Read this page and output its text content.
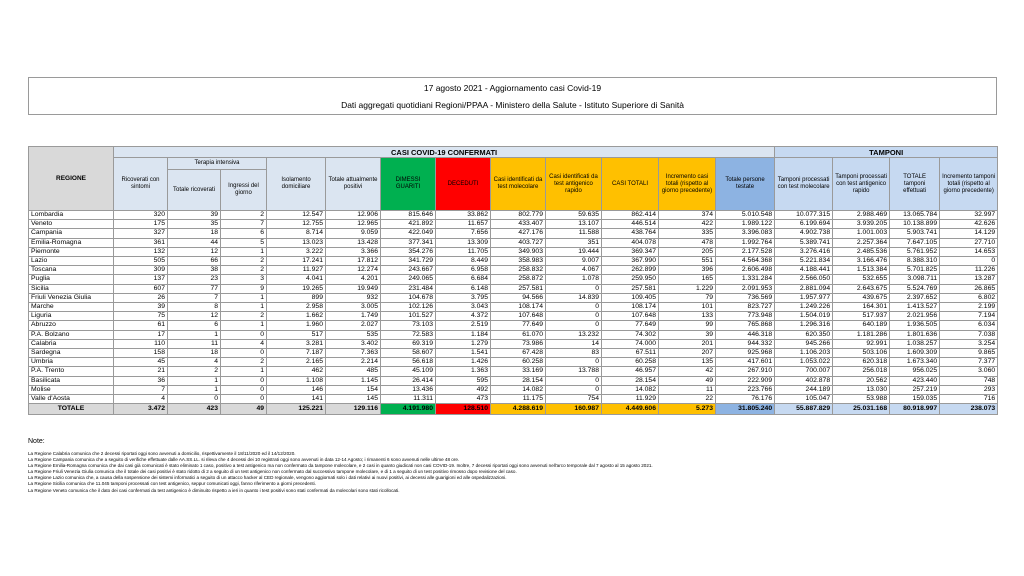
17 agosto 2021 - Aggiornamento casi Covid-19
Dati aggregati quotidiani Regioni/PPAA - Ministero della Salute - Istituto Superiore di Sanità
REGIONE	CASI COVID-19 CONFERMATI												TAMPONI			
	Ricoverati con sintomi	Terapia intensiva		Isolamento domiciliare	Totale attualmente positivi	DIMESSI GUARITI	DECEDUTI	Casi identificati da test molecolare	Casi identificati da test antigenico rapido	CASI TOTALI	Incremento casi totali (rispetto al giorno precedente)	Totale persone testate	Tamponi processati con test molecolare	Tamponi processati con test antigenico rapido	TOTALE tamponi effettuati	Incremento tamponi totali (rispetto al giorno precedente)
		Totale ricoverati	Ingressi del giorno													
Lombardia	320	39	2	12.547	12.906	815.646	33.862	802.779	59.635	862.414	374	5.010.548	10.077.315	2.988.469	13.065.784	32.997
Veneto	175	35	7	12.755	12.965	421.892	11.657	433.407	13.107	446.514	422	1.989.122	6.199.694	3.939.205	10.138.899	42.626
Campania	327	18	6	8.714	9.059	422.049	7.656	427.176	11.588	438.764	335	3.396.083	4.902.738	1.001.003	5.903.741	14.129
Emilia-Romagna	361	44	5	13.023	13.428	377.341	13.309	403.727	351	404.078	478	1.992.764	5.389.741	2.257.364	7.647.105	27.710
Piemonte	132	12	1	3.222	3.366	354.276	11.705	349.903	19.444	369.347	205	2.177.528	3.276.416	2.485.536	5.761.952	14.653
Lazio	505	66	2	17.241	17.812	341.729	8.449	358.983	9.007	367.990	551	4.564.368	5.221.834	3.166.476	8.388.310	0
Toscana	309	38	2	11.927	12.274	243.667	6.958	258.832	4.067	262.899	396	2.606.498	4.188.441	1.513.384	5.701.825	11.226
Puglia	137	23	3	4.041	4.201	249.065	6.684	258.872	1.078	259.950	165	1.331.284	2.566.050	532.655	3.098.711	13.287
Sicilia	607	77	9	19.265	19.949	231.484	6.148	257.581	0	257.581	1.229	2.091.953	2.881.094	2.643.675	5.524.769	26.865
Friuli Venezia Giulia	26	7	1	899	932	104.678	3.795	94.566	14.839	109.405	79	736.569	1.957.977	439.675	2.397.652	6.802
Marche	39	8	1	2.958	3.005	102.126	3.043	108.174	0	108.174	101	823.727	1.249.226	164.301	1.413.527	2.199
Liguria	75	12	2	1.662	1.749	101.527	4.372	107.648	0	107.648	133	773.948	1.504.019	517.937	2.021.956	7.194
Abruzzo	61	6	1	1.960	2.027	73.103	2.519	77.649	0	77.649	99	765.868	1.296.316	640.189	1.936.505	6.034
P.A. Bolzano	17	1	0	517	535	72.583	1.184	61.070	13.232	74.302	39	446.318	620.350	1.181.286	1.801.636	7.038
Calabria	110	11	4	3.281	3.402	69.319	1.279	73.986	14	74.000	201	944.332	945.266	92.991	1.038.257	3.254
Sardegna	158	18	0	7.187	7.363	58.607	1.541	67.428	83	67.511	207	925.968	1.106.203	503.106	1.609.309	9.865
Umbria	45	4	2	2.165	2.214	56.618	1.426	60.258	0	60.258	135	417.601	1.053.022	620.318	1.673.340	7.377
P.A. Trento	21	2	1	462	485	45.109	1.363	33.169	13.788	46.957	42	267.910	700.007	256.018	956.025	3.060
Basilicata	36	1	0	1.108	1.145	26.414	595	28.154	0	28.154	49	222.909	402.878	20.562	423.440	748
Molise	7	1	0	146	154	13.436	492	14.082	0	14.082	11	223.766	244.189	13.030	257.219	293
Valle d'Aosta	4	0	0	141	145	11.311	473	11.175	754	11.929	22	76.176	105.047	53.988	159.035	716
TOTALE	3.472	423	49	125.221	129.116	4.191.980	128.510	4.288.619	160.987	4.449.606	5.273	31.805.240	55.887.829	25.031.168	80.918.997	238.073
Note:
La Regione Calabria comunica che 2 decessi riportati oggi sono avvenuti a domicilio, rispettivamente il 18/11/2020 ed il 14/12/2020.
La Regione Campania comunica che a seguito di verifiche effettuate dalle AA.SS.LL. si rileva che 4 decessi dei 10 registrati oggi sono avvenuti in data 12-14 Agosto; i rimanenti 6 sono avvenuti nelle ultime 48 ore.
La Regione Emilia-Romagna comunica che dai casi già comunicati è stato eliminato 1 caso, positivo a test antigenico ma non confermato da tampone molecolare, e 2 casi in quanto giudicati non casi COVID-19. Inoltre, 7 decessi riportati oggi sono avvenuti nell'arco temporale dal 7 agosto al 15 agosto 2021.
La Regione Friuli Venezia Giulia comunica che il totale dei casi positivi è stato ridotto di 2 a seguito di un test antigenico non confermato dal successivo tampone molecolare, e di 1 a seguito di un test positivo rimosso dopo revisione del caso.
La Regione Lazio comunica che, a causa della sospensione dei sistemi informatici a seguito di un attacco hacker al CED regionale, vengono aggiornati solo i dati relativi ai nuovi positivi, ai decessi alle guarigioni ed alle ospedalizzazioni.
La Regione Sicilia comunica che 11.045 tamponi processati con test antigenico, seppur comunicati oggi, fanno riferimento a giorni precedenti.
La Regione Veneto comunica che il dato dei casi confermati da test antigenico è diminuito rispetto a ieri in quanto i test positivi sono stati confermati da molecolari sono stati ricollocati.
